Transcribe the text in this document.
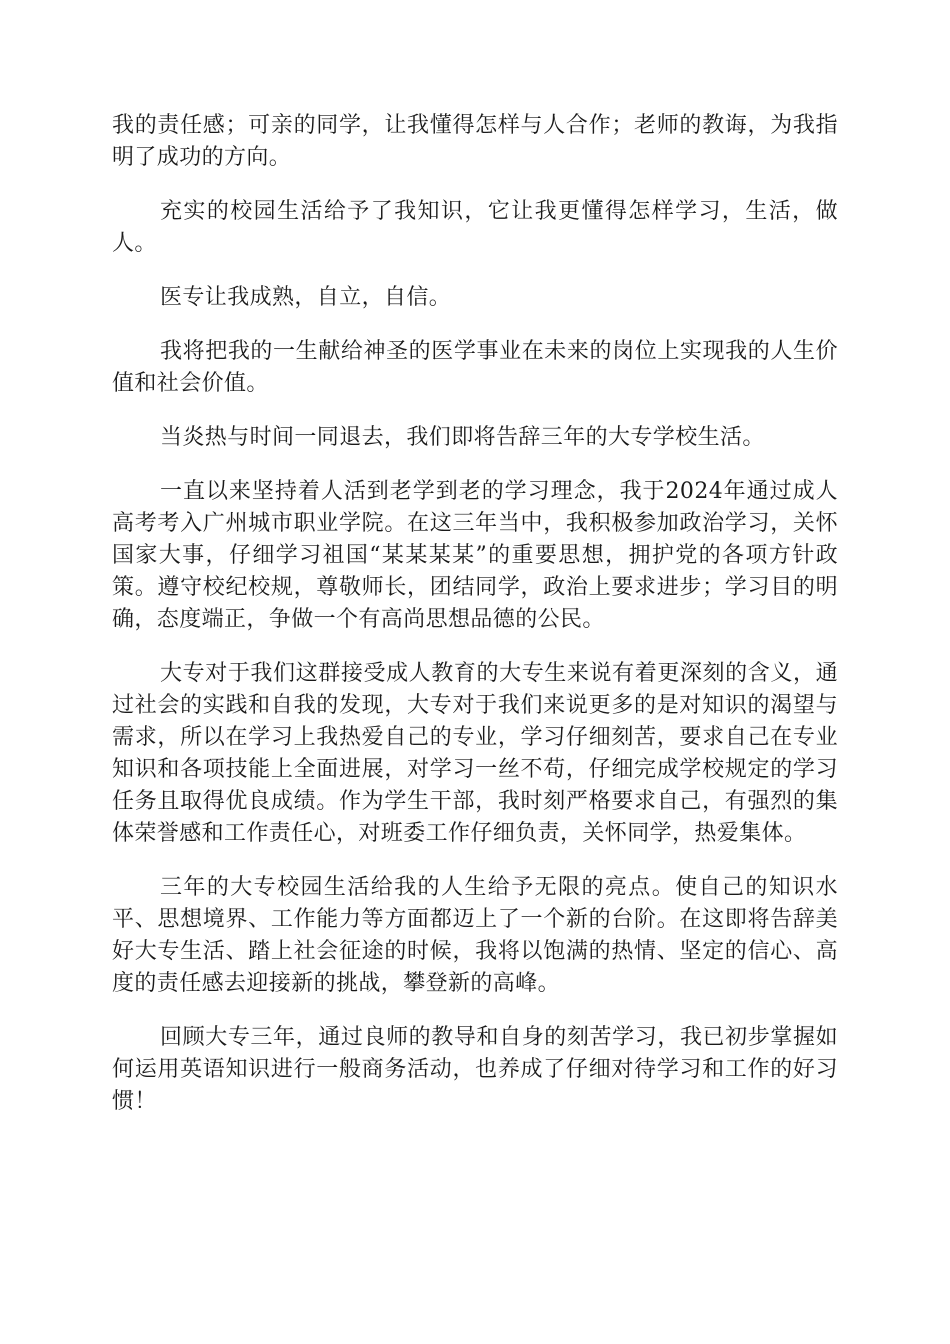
我的责任感；可亲的同学，让我懂得怎样与人合作；老师的教诲，为我指明了成功的方向。

充实的校园生活给予了我知识，它让我更懂得怎样学习，生活，做人。

医专让我成熟，自立，自信。

我将把我的一生献给神圣的医学事业在未来的岗位上实现我的人生价值和社会价值。

当炎热与时间一同退去，我们即将告辞三年的大专学校生活。

一直以来坚持着人活到老学到老的学习理念，我于2024年通过成人高考考入广州城市职业学院。在这三年当中，我积极参加政治学习，关怀国家大事，仔细学习祖国“某某某某”的重要思想，拥护党的各项方针政策。遵守校纪校规，尊敬师长，团结同学，政治上要求进步；学习目的明确，态度端正，争做一个有高尚思想品德的公民。

大专对于我们这群接受成人教育的大专生来说有着更深刻的含义，通过社会的实践和自我的发现，大专对于我们来说更多的是对知识的渴望与需求，所以在学习上我热爱自己的专业，学习仔细刻苦，要求自己在专业知识和各项技能上全面进展，对学习一丝不苟，仔细完成学校规定的学习任务且取得优良成绩。作为学生干部，我时刻严格要求自己，有强烈的集体荣誉感和工作责任心，对班委工作仔细负责，关怀同学，热爱集体。

三年的大专校园生活给我的人生给予无限的亮点。使自己的知识水平、思想境界、工作能力等方面都迈上了一个新的台阶。在这即将告辞美好大专生活、踏上社会征途的时候，我将以饱满的热情、坚定的信心、高度的责任感去迎接新的挑战，攀登新的高峰。

回顾大专三年，通过良师的教导和自身的刻苦学习，我已初步掌握如何运用英语知识进行一般商务活动，也养成了仔细对待学习和工作的好习惯！
